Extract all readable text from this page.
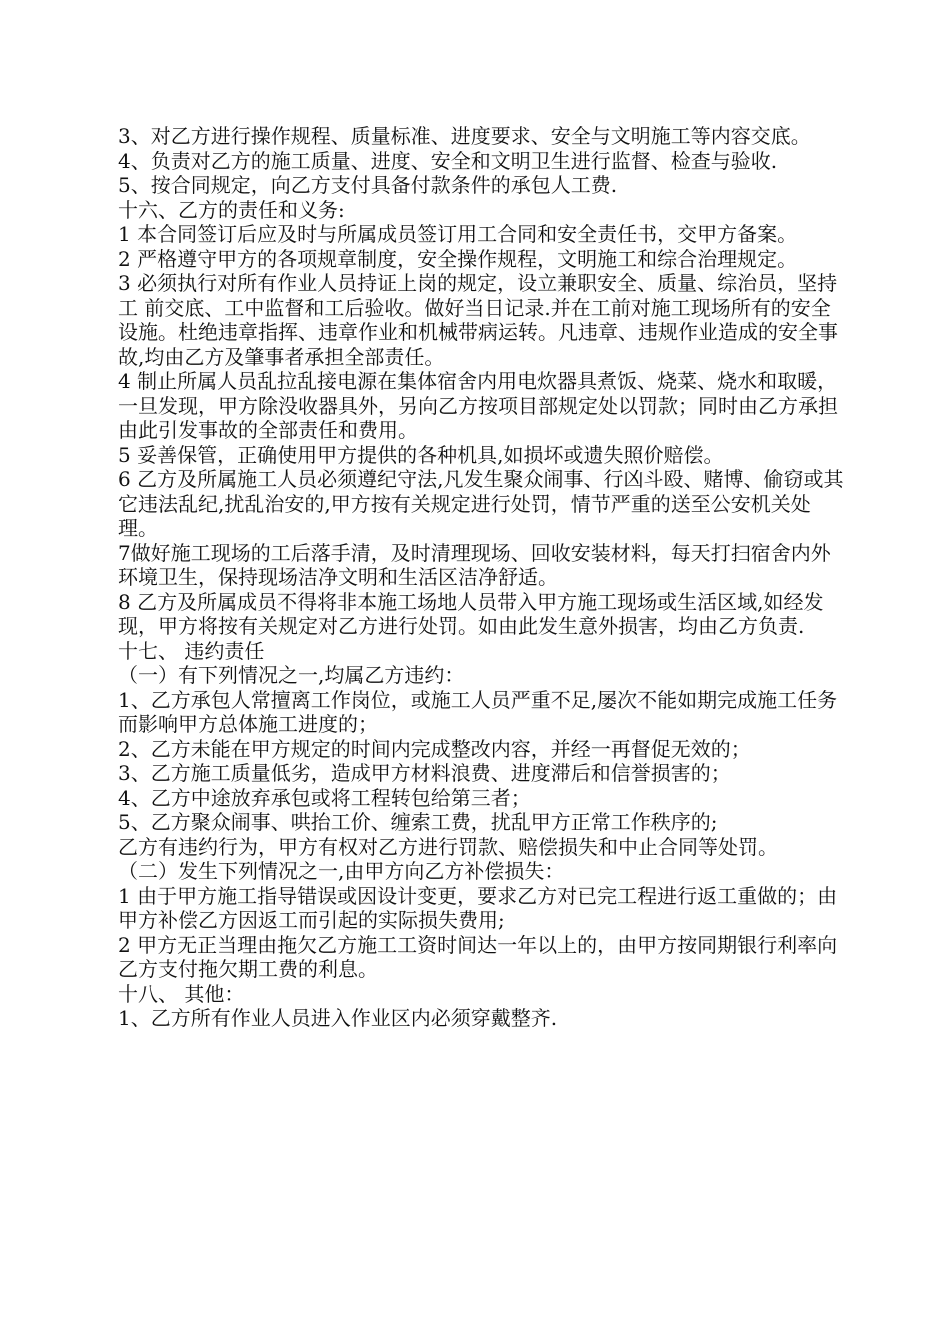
3、对乙方进行操作规程、质量标准、进度要求、安全与文明施工等内容交底。

4、负责对乙方的施工质量、进度、安全和文明卫生进行监督、检查与验收.

5、按合同规定，向乙方支付具备付款条件的承包人工费.

十六、乙方的责任和义务:

1 本合同签订后应及时与所属成员签订用工合同和安全责任书，交甲方备案。

2 严格遵守甲方的各项规章制度，安全操作规程，文明施工和综合治理规定。

3 必须执行对所有作业人员持证上岗的规定，设立兼职安全、质量、综治员，坚持工 前交底、工中监督和工后验收。做好当日记录.并在工前对施工现场所有的安全设施。杜绝违章指挥、违章作业和机械带病运转。凡违章、违规作业造成的安全事故,均由乙方及肇事者承担全部责任。

4 制止所属人员乱拉乱接电源在集体宿舍内用电炊器具煮饭、烧菜、烧水和取暖， 一旦发现，甲方除没收器具外，另向乙方按项目部规定处以罚款；同时由乙方承担由此引发事故的全部责任和费用。

5 妥善保管，正确使用甲方提供的各种机具,如损坏或遗失照价赔偿。

6 乙方及所属施工人员必须遵纪守法,凡发生聚众闹事、行凶斗殴、赌博、偷窃或其它违法乱纪,扰乱治安的,甲方按有关规定进行处罚，情节严重的送至公安机关处理。

7做好施工现场的工后落手清，及时清理现场、回收安装材料，每天打扫宿舍内外环境卫生，保持现场洁净文明和生活区洁净舒适。

8 乙方及所属成员不得将非本施工场地人员带入甲方施工现场或生活区域,如经发现，甲方将按有关规定对乙方进行处罚。如由此发生意外损害，均由乙方负责.

十七、 违约责任

（一）有下列情况之一,均属乙方违约：

1、乙方承包人常擅离工作岗位，或施工人员严重不足,屡次不能如期完成施工任务而影响甲方总体施工进度的；

2、乙方未能在甲方规定的时间内完成整改内容，并经一再督促无效的；

3、乙方施工质量低劣，造成甲方材料浪费、进度滞后和信誉损害的；

4、乙方中途放弃承包或将工程转包给第三者；

5、乙方聚众闹事、哄抬工价、缠索工费，扰乱甲方正常工作秩序的;

乙方有违约行为，甲方有权对乙方进行罚款、赔偿损失和中止合同等处罚。

（二）发生下列情况之一,由甲方向乙方补偿损失：

1 由于甲方施工指导错误或因设计变更，要求乙方对已完工程进行返工重做的；由甲方补偿乙方因返工而引起的实际损失费用;

2 甲方无正当理由拖欠乙方施工工资时间达一年以上的，由甲方按同期银行利率向乙方支付拖欠期工费的利息。

十八、 其他：

1、乙方所有作业人员进入作业区内必须穿戴整齐.
